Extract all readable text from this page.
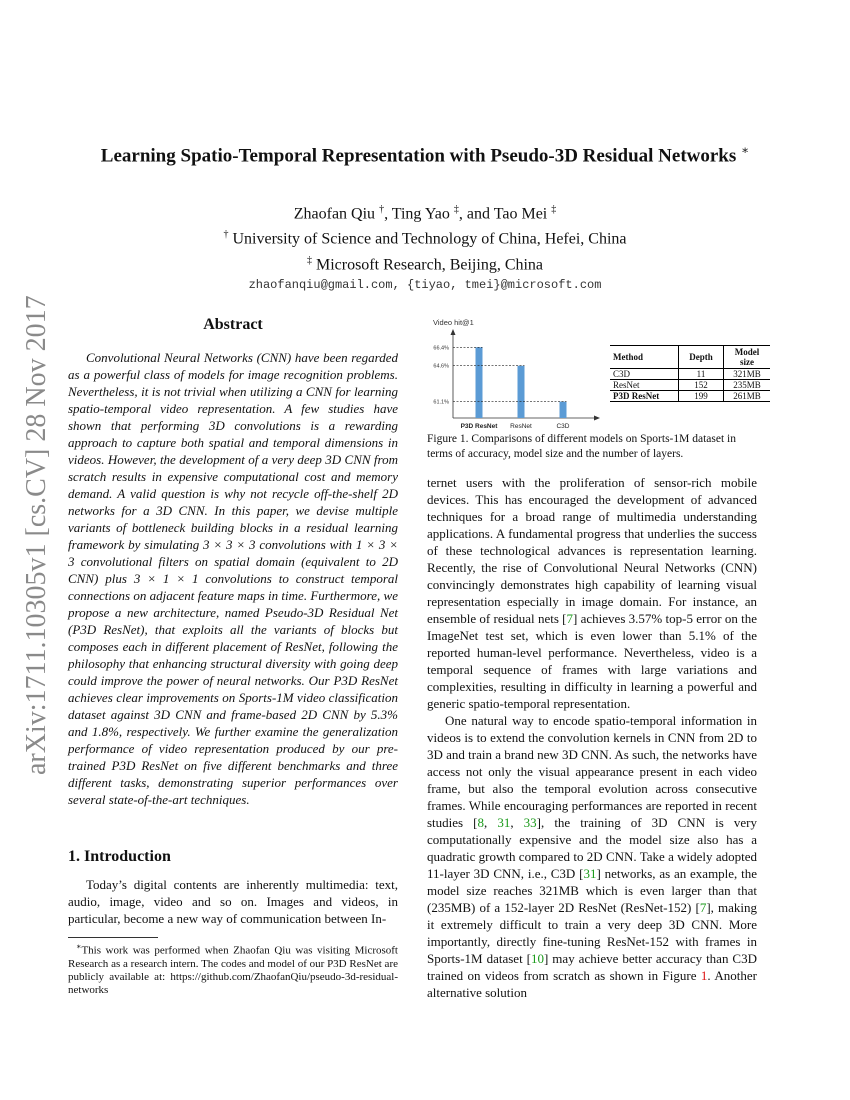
arXiv:1711.10305v1 [cs.CV] 28 Nov 2017
Learning Spatio-Temporal Representation with Pseudo-3D Residual Networks ∗
Zhaofan Qiu †, Ting Yao ‡, and Tao Mei ‡
† University of Science and Technology of China, Hefei, China
‡ Microsoft Research, Beijing, China
zhaofanqiu@gmail.com, {tiyao, tmei}@microsoft.com
Abstract
Convolutional Neural Networks (CNN) have been regarded as a powerful class of models for image recognition problems. Nevertheless, it is not trivial when utilizing a CNN for learning spatio-temporal video representation. A few studies have shown that performing 3D convolutions is a rewarding approach to capture both spatial and temporal dimensions in videos. However, the development of a very deep 3D CNN from scratch results in expensive computational cost and memory demand. A valid question is why not recycle off-the-shelf 2D networks for a 3D CNN. In this paper, we devise multiple variants of bottleneck building blocks in a residual learning framework by simulating 3 × 3 × 3 convolutions with 1 × 3 × 3 convolutional filters on spatial domain (equivalent to 2D CNN) plus 3 × 1 × 1 convolutions to construct temporal connections on adjacent feature maps in time. Furthermore, we propose a new architecture, named Pseudo-3D Residual Net (P3D ResNet), that exploits all the variants of blocks but composes each in different placement of ResNet, following the philosophy that enhancing structural diversity with going deep could improve the power of neural networks. Our P3D ResNet achieves clear improvements on Sports-1M video classification dataset against 3D CNN and frame-based 2D CNN by 5.3% and 1.8%, respectively. We further examine the generalization performance of video representation produced by our pre-trained P3D ResNet on five different benchmarks and three different tasks, demonstrating superior performances over several state-of-the-art techniques.
1. Introduction
Today’s digital contents are inherently multimedia: text, audio, image, video and so on. Images and videos, in particular, become a new way of communication between In-
∗This work was performed when Zhaofan Qiu was visiting Microsoft Research as a research intern. The codes and model of our P3D ResNet are publicly available at: https://github.com/ZhaofanQiu/pseudo-3d-residual-networks
Video hit@1
66.4%
P3D ResNet
64.6%
ResNet
61.1%
C3D
Method	Depth	Model size
C3D	11	321MB
ResNet	152	235MB
P3D ResNet	199	261MB
Figure 1. Comparisons of different models on Sports-1M dataset in terms of accuracy, model size and the number of layers.

ternet users with the proliferation of sensor-rich mobile devices. This has encouraged the development of advanced techniques for a broad range of multimedia understanding applications. A fundamental progress that underlies the success of these technological advances is representation learning. Recently, the rise of Convolutional Neural Networks (CNN) convincingly demonstrates high capability of learning visual representation especially in image domain. For instance, an ensemble of residual nets [7] achieves 3.57% top-5 error on the ImageNet test set, which is even lower than 5.1% of the reported human-level performance. Nevertheless, video is a temporal sequence of frames with large variations and complexities, resulting in difficulty in learning a powerful and generic spatio-temporal representation.

One natural way to encode spatio-temporal information in videos is to extend the convolution kernels in CNN from 2D to 3D and train a brand new 3D CNN. As such, the networks have access not only the visual appearance present in each video frame, but also the temporal evolution across consecutive frames. While encouraging performances are reported in recent studies [8, 31, 33], the training of 3D CNN is very computationally expensive and the model size also has a quadratic growth compared to 2D CNN. Take a widely adopted 11-layer 3D CNN, i.e., C3D [31] networks, as an example, the model size reaches 321MB which is even larger than that (235MB) of a 152-layer 2D ResNet (ResNet-152) [7], making it extremely difficult to train a very deep 3D CNN. More importantly, directly fine-tuning ResNet-152 with frames in Sports-1M dataset [10] may achieve better accuracy than C3D trained on videos from scratch as shown in Figure 1. Another alternative solution
